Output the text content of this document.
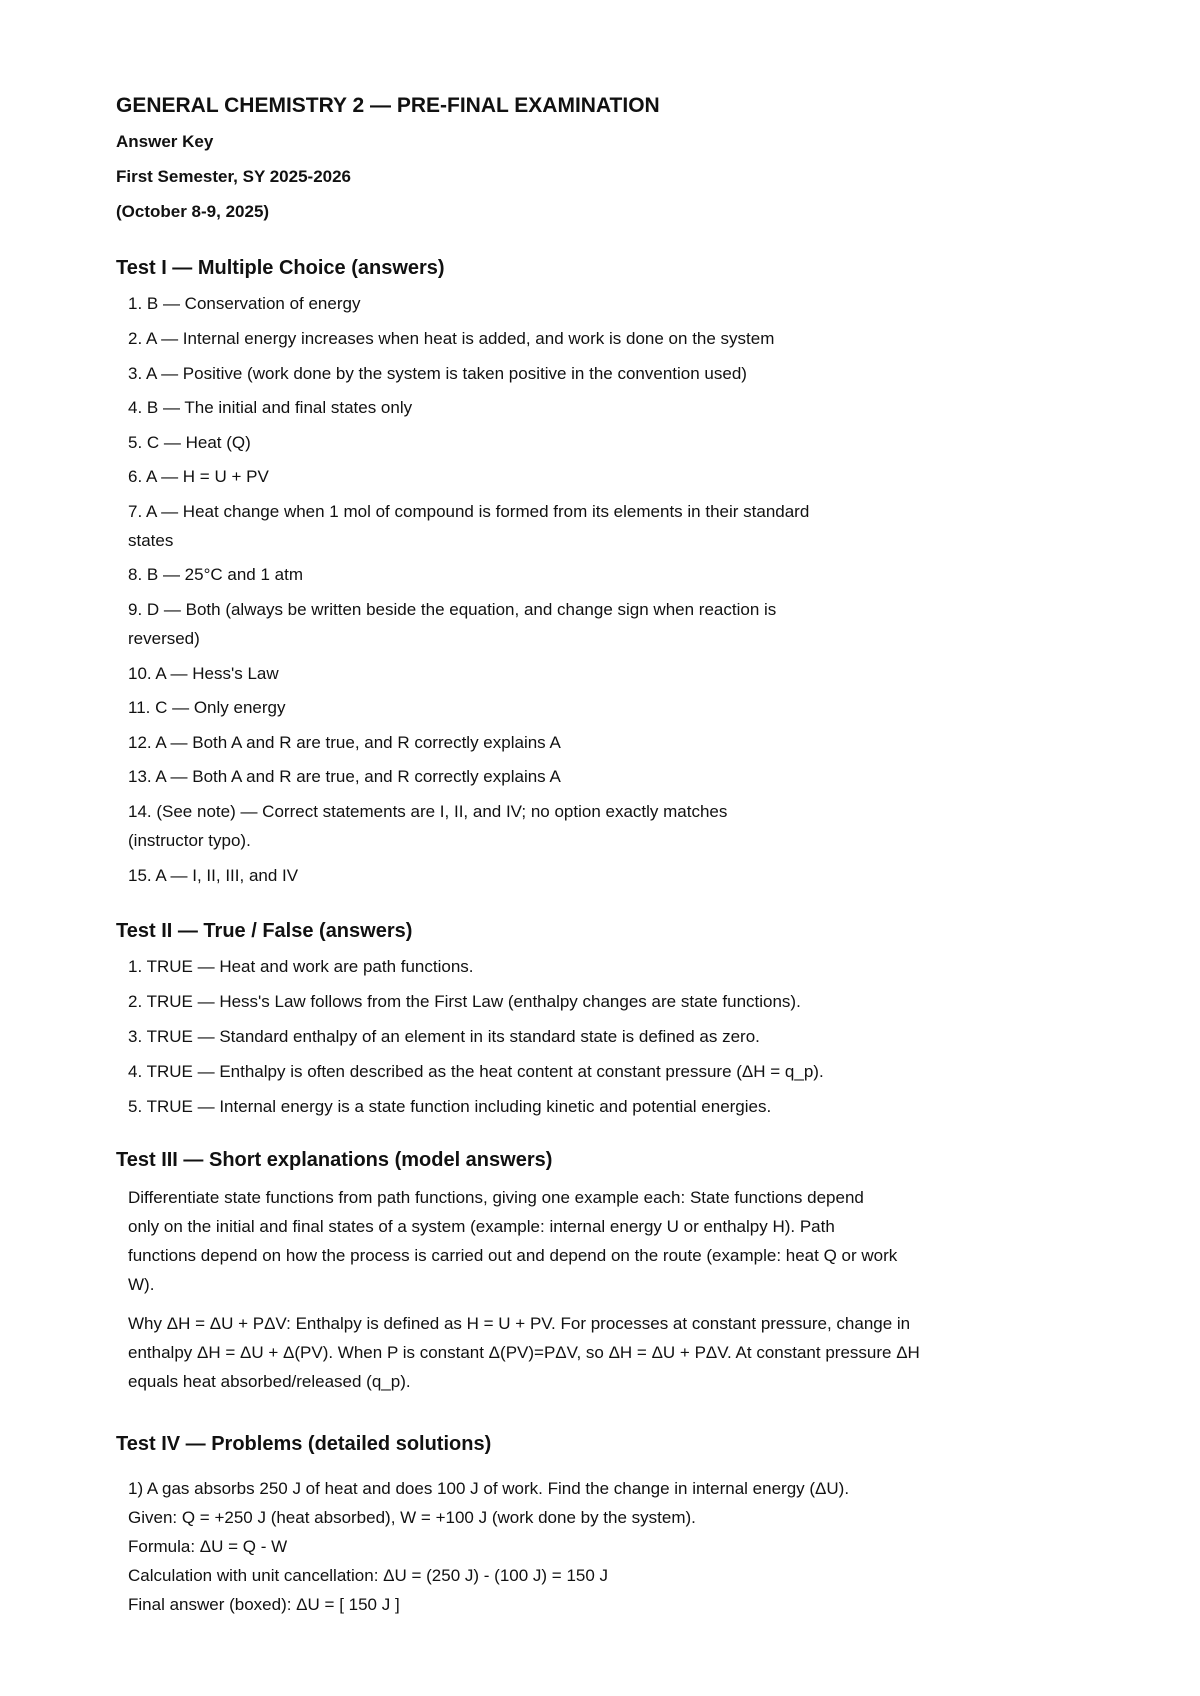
GENERAL CHEMISTRY 2 — PRE-FINAL EXAMINATION
Answer Key
First Semester, SY 2025-2026
(October 8-9, 2025)
Test I — Multiple Choice (answers)
1. B — Conservation of energy
2. A — Internal energy increases when heat is added, and work is done on the system
3. A — Positive (work done by the system is taken positive in the convention used)
4. B — The initial and final states only
5. C — Heat (Q)
6. A — H = U + PV
7. A — Heat change when 1 mol of compound is formed from its elements in their standard
states
8. B — 25°C and 1 atm
9. D — Both (always be written beside the equation, and change sign when reaction is
reversed)
10. A — Hess's Law
11. C — Only energy
12. A — Both A and R are true, and R correctly explains A
13. A — Both A and R are true, and R correctly explains A
14. (See note) — Correct statements are I, II, and IV; no option exactly matches
(instructor typo).
15. A — I, II, III, and IV
Test II — True / False (answers)
1. TRUE — Heat and work are path functions.
2. TRUE — Hess's Law follows from the First Law (enthalpy changes are state functions).
3. TRUE — Standard enthalpy of an element in its standard state is defined as zero.
4. TRUE — Enthalpy is often described as the heat content at constant pressure (ΔH = q_p).
5. TRUE — Internal energy is a state function including kinetic and potential energies.
Test III — Short explanations (model answers)
Differentiate state functions from path functions, giving one example each: State functions depend
only on the initial and final states of a system (example: internal energy U or enthalpy H). Path
functions depend on how the process is carried out and depend on the route (example: heat Q or work
W).
Why ΔH = ΔU + PΔV: Enthalpy is defined as H = U + PV. For processes at constant pressure, change in
enthalpy ΔH = ΔU + Δ(PV). When P is constant Δ(PV)=PΔV, so ΔH = ΔU + PΔV. At constant pressure ΔH
equals heat absorbed/released (q_p).
Test IV — Problems (detailed solutions)
1) A gas absorbs 250 J of heat and does 100 J of work. Find the change in internal energy (ΔU).
Given: Q = +250 J (heat absorbed), W = +100 J (work done by the system).
Formula: ΔU = Q - W
Calculation with unit cancellation: ΔU = (250 J) - (100 J) = 150 J
Final answer (boxed): ΔU = [ 150 J ]
